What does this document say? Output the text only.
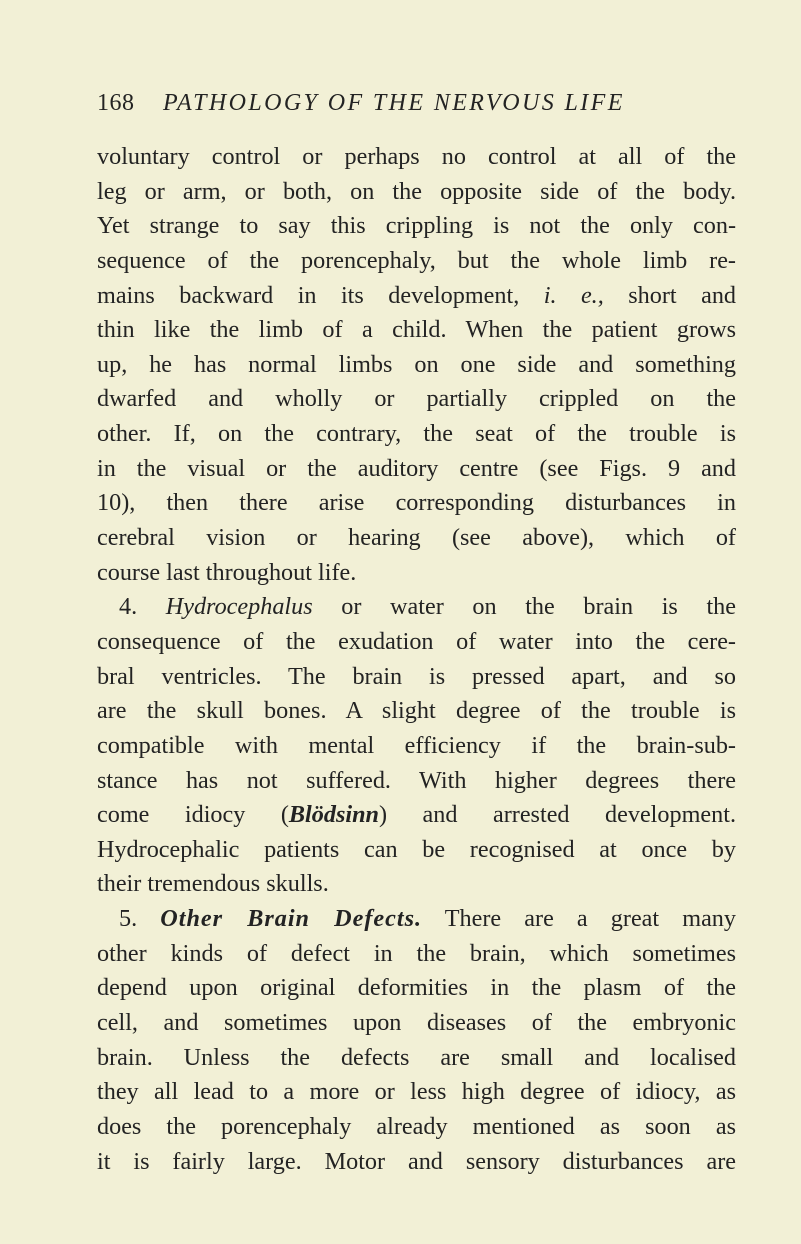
168 PATHOLOGY OF THE NERVOUS LIFE
voluntary control or perhaps no control at all of the
leg or arm, or both, on the opposite side of the body.
Yet strange to say this crippling is not the only con-
sequence of the porencephaly, but the whole limb re-
mains backward in its development, i. e., short and
thin like the limb of a child. When the patient grows
up, he has normal limbs on one side and something
dwarfed and wholly or partially crippled on the
other. If, on the contrary, the seat of the trouble is
in the visual or the auditory centre (see Figs. 9 and
10), then there arise corresponding disturbances in
cerebral vision or hearing (see above), which of
course last throughout life.
4. Hydrocephalus or water on the brain is the
consequence of the exudation of water into the cere-
bral ventricles. The brain is pressed apart, and so
are the skull bones. A slight degree of the trouble is
compatible with mental efficiency if the brain-sub-
stance has not suffered. With higher degrees there
come idiocy (Blödsinn) and arrested development.
Hydrocephalic patients can be recognised at once by
their tremendous skulls.
5. Other Brain Defects. There are a great many
other kinds of defect in the brain, which sometimes
depend upon original deformities in the plasm of the
cell, and sometimes upon diseases of the embryonic
brain. Unless the defects are small and localised
they all lead to a more or less high degree of idiocy, as
does the porencephaly already mentioned as soon as
it is fairly large. Motor and sensory disturbances are
